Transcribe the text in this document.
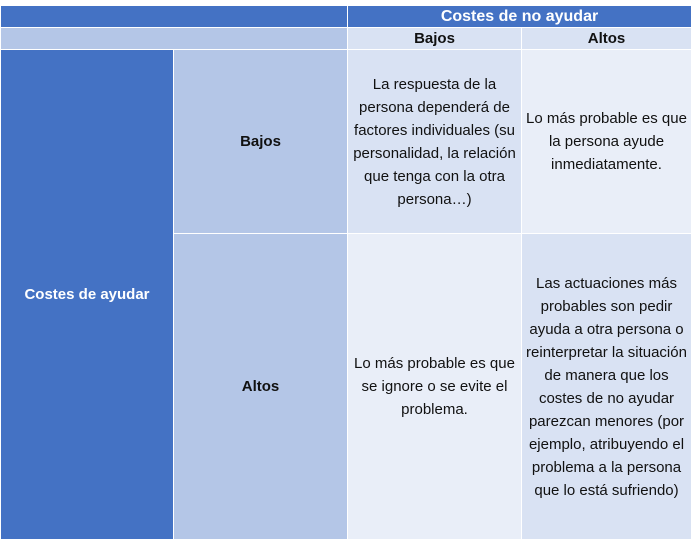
		Costes de no ayudar	
		Bajos	Altos
Costes de ayudar	Bajos	La respuesta de la persona dependerá de factores individuales (su personalidad, la relación que tenga con la otra persona…)	Lo más probable es que la persona ayude inmediatamente.

	Altos	Lo más probable es que se ignore o se evite el problema.	Las actuaciones más probables son pedir ayuda a otra persona o reinterpretar la situación de manera que los costes de no ayudar parezcan menores (por ejemplo, atribuyendo el problema a la persona que lo está sufriendo)
